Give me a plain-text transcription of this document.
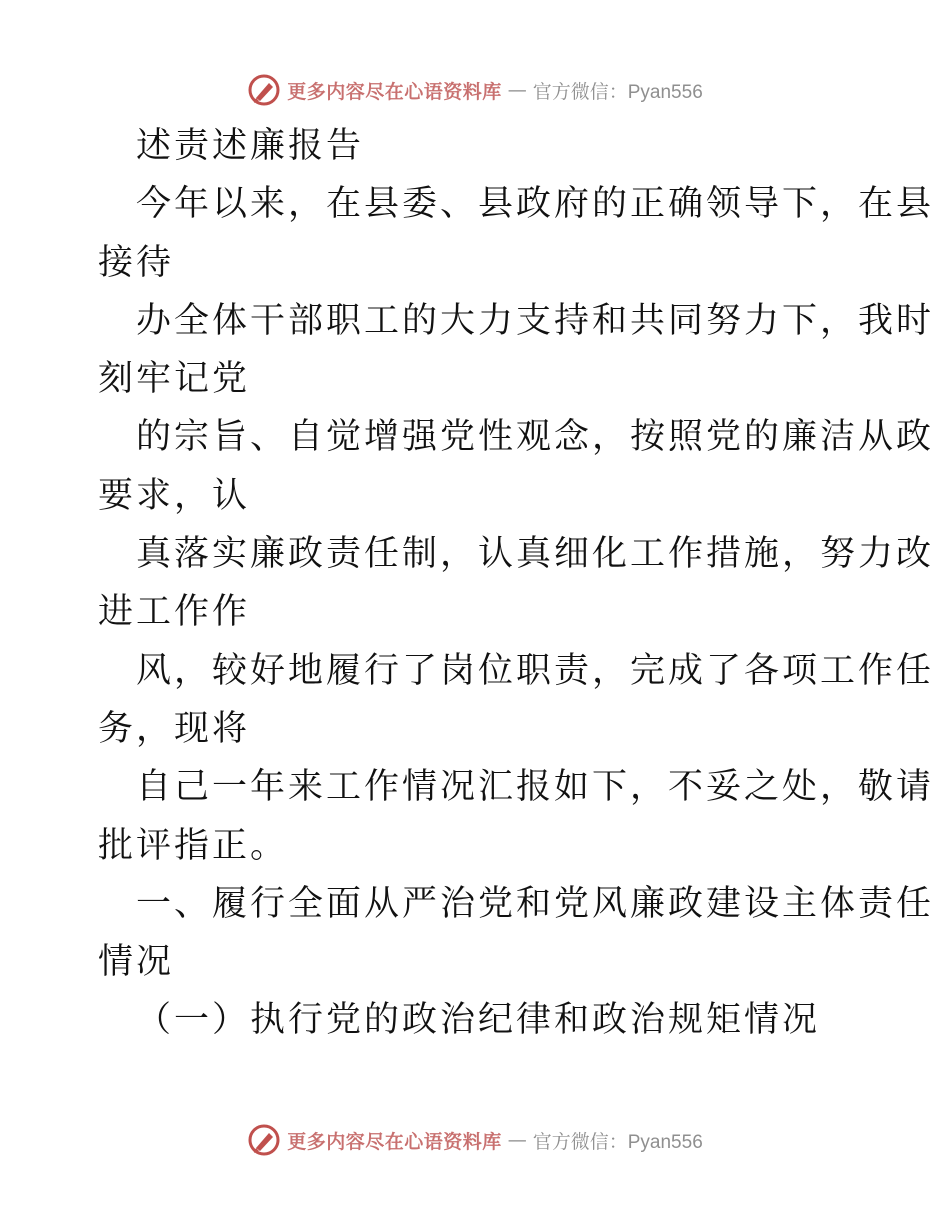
更多内容尽在心语资料库 — 官方微信：Pyan556
述责述廉报告
今年以来，在县委、县政府的正确领导下，在县
接待
办全体干部职工的大力支持和共同努力下，我时
刻牢记党
的宗旨、自觉增强党性观念，按照党的廉洁从政
要求，认
真落实廉政责任制，认真细化工作措施，努力改
进工作作
风，较好地履行了岗位职责，完成了各项工作任
务，现将
自己一年来工作情况汇报如下，不妥之处，敬请
批评指正。
一、履行全面从严治党和党风廉政建设主体责任
情况
（一）执行党的政治纪律和政治规矩情况
更多内容尽在心语资料库 — 官方微信：Pyan556
